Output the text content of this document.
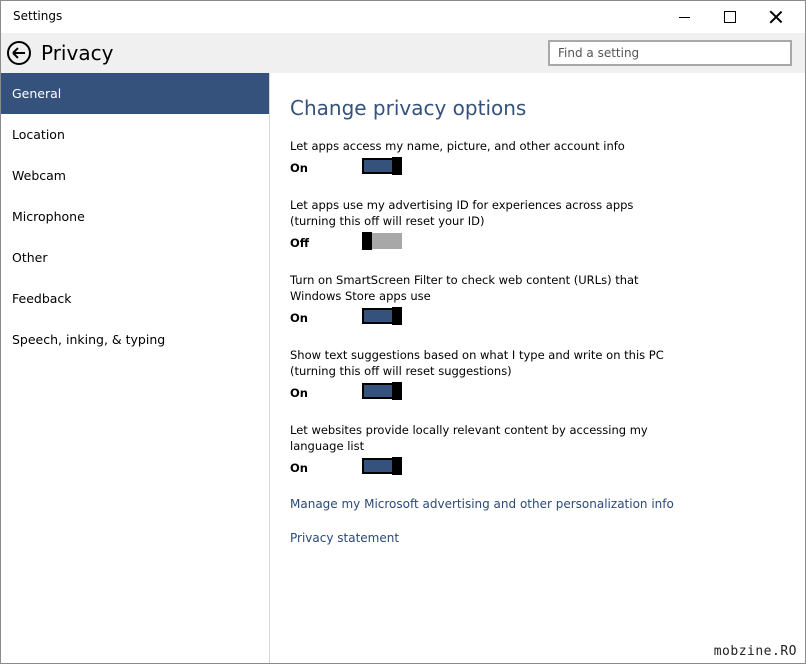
Settings
Privacy
Find a setting
General
Location
Webcam
Microphone
Other
Feedback
Speech, inking, & typing
Change privacy options
Let apps access my name, picture, and other account info
On
Let apps use my advertising ID for experiences across apps (turning this off will reset your ID)
Off
Turn on SmartScreen Filter to check web content (URLs) that Windows Store apps use
On
Show text suggestions based on what I type and write on this PC (turning this off will reset suggestions)
On
Let websites provide locally relevant content by accessing my language list
On
Manage my Microsoft advertising and other personalization info
Privacy statement
mobzine.RO
